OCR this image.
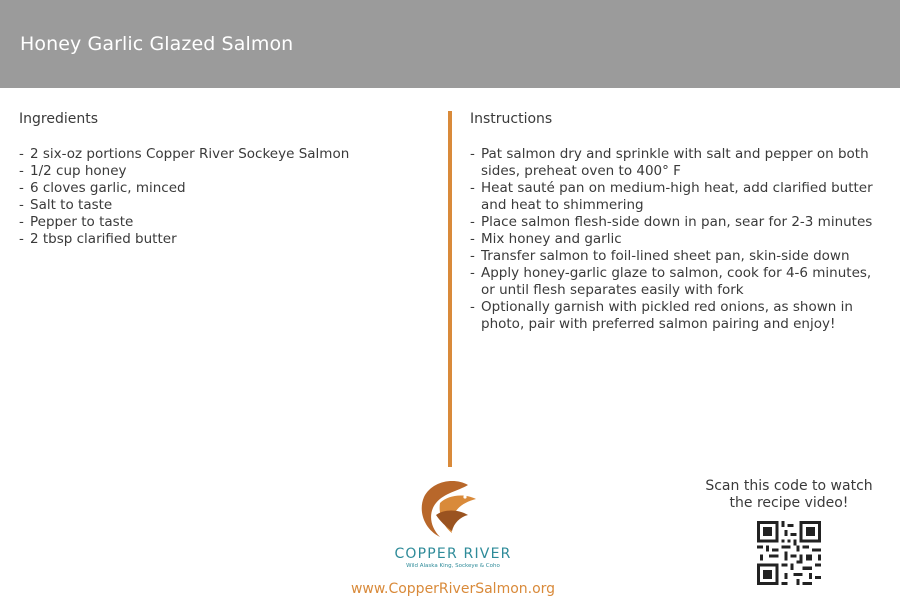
Honey Garlic Glazed Salmon
Ingredients
- 2 six-oz portions Copper River Sockeye Salmon
- 1/2 cup honey
- 6 cloves garlic, minced
- Salt to taste
- Pepper to taste
- 2 tbsp clarified butter
Instructions
- Pat salmon dry and sprinkle with salt and pepper on both sides, preheat oven to 400° F
- Heat sauté pan on medium-high heat, add clarified butter and heat to shimmering
- Place salmon flesh-side down in pan, sear for 2-3 minutes
- Mix honey and garlic
- Transfer salmon to foil-lined sheet pan, skin-side down
- Apply honey-garlic glaze to salmon, cook for 4-6 minutes, or until flesh separates easily with fork
- Optionally garnish with pickled red onions, as shown in photo, pair with preferred salmon pairing and enjoy!
COPPER RIVER
Wild Alaska King, Sockeye & Coho
www.CopperRiverSalmon.org
Scan this code to watch the recipe video!
